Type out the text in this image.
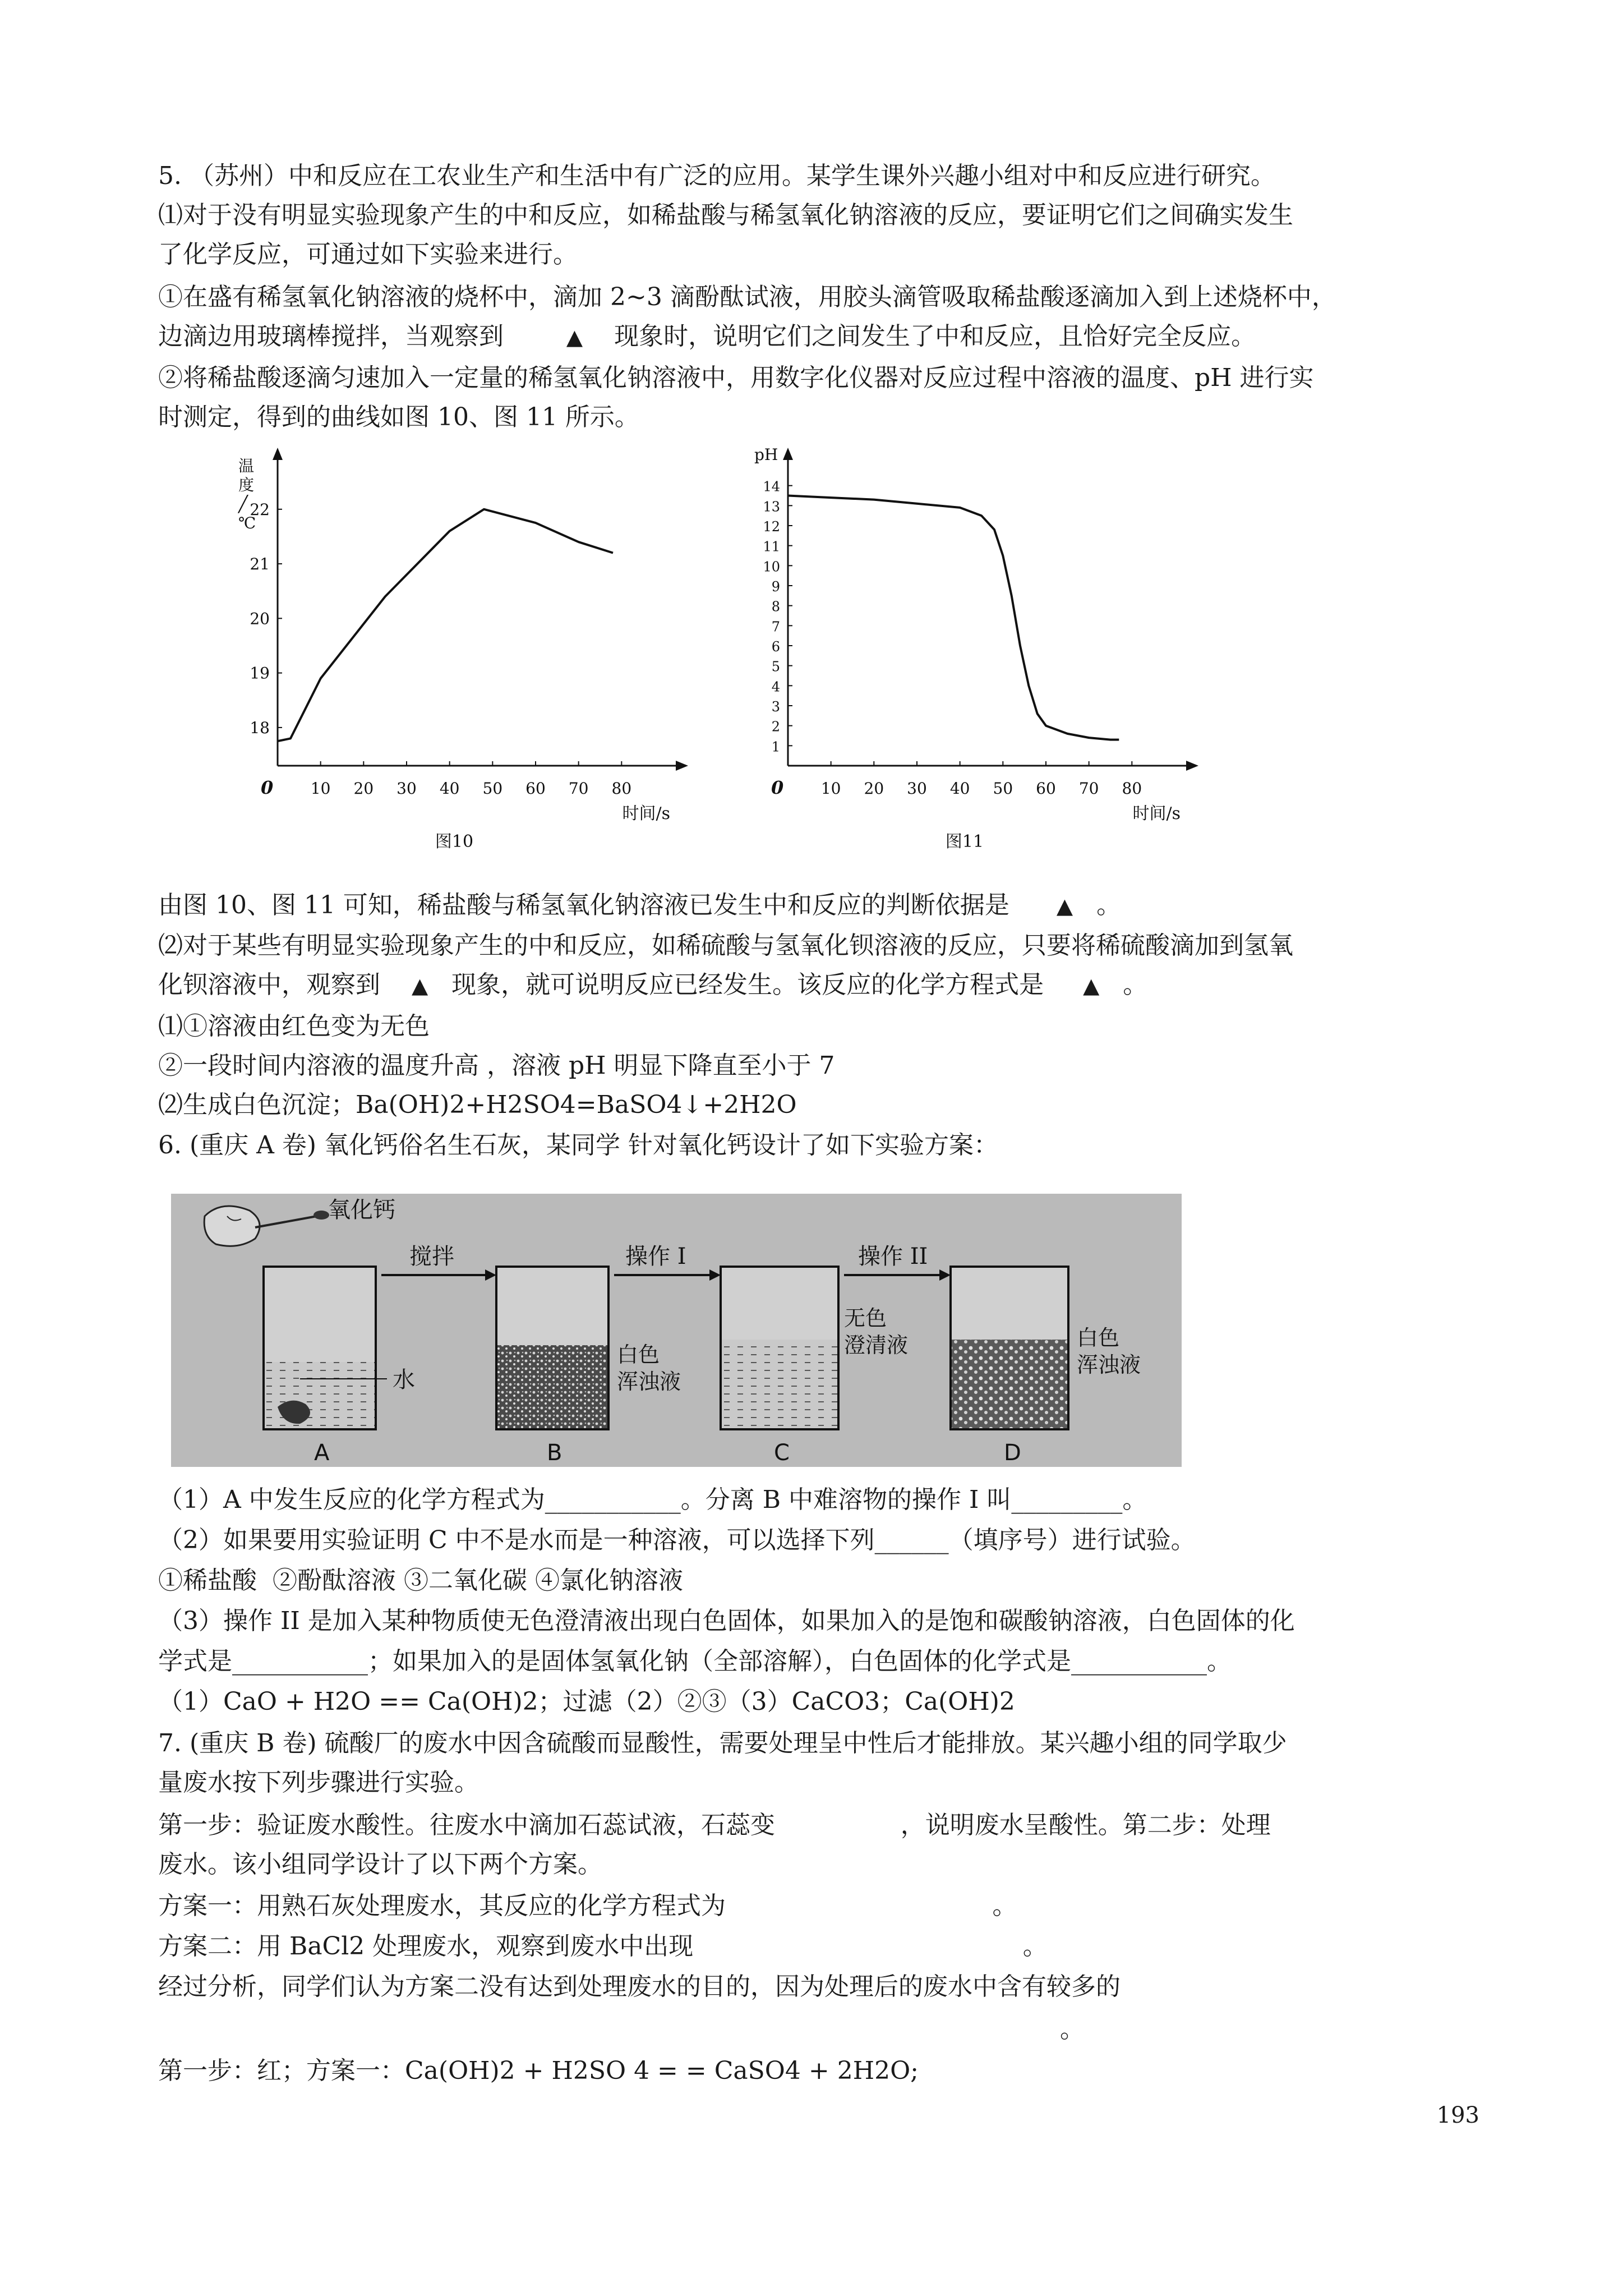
5. （苏州）中和反应在工农业生产和生活中有广泛的应用。某学生课外兴趣小组对中和反应进行研究。
⑴对于没有明显实验现象产生的中和反应，如稀盐酸与稀氢氧化钠溶液的反应，要证明它们之间确实发生
了化学反应，可通过如下实验来进行。
①在盛有稀氢氧化钠溶液的烧杯中，滴加 2~3 滴酚酞试液，用胶头滴管吸取稀盐酸逐滴加入到上述烧杯中，
边滴边用玻璃棒搅拌，当观察到	▲ 现象时，说明它们之间发生了中和反应，且恰好完全反应。
②将稀盐酸逐滴匀速加入一定量的稀氢氧化钠溶液中，用数字化仪器对反应过程中溶液的温度、pH 进行实
时测定，得到的曲线如图 10、图 11 所示。
10 20 30 40 50 60 70 80
18
19
20
21
22
0
时间/s
温度╱ ℃
图10
10 20 30 40 50 60 70 80
1
2
3
4
5
6
7
8
9
10
11
12
13
14
0
时间/s
pH
图11
由图 10、图 11 可知，稀盐酸与稀氢氧化钠溶液已发生中和反应的判断依据是 ▲ 。
⑵对于某些有明显实验现象产生的中和反应，如稀硫酸与氢氧化钡溶液的反应，只要将稀硫酸滴加到氢氧
化钡溶液中，观察到 ▲ 现象，就可说明反应已经发生。该反应的化学方程式是 ▲ 。
⑴①溶液由红色变为无色
②一段时间内溶液的温度升高 ，溶液 pH 明显下降直至小于 7
⑵生成白色沉淀；Ba(OH)2+H2SO4=BaSO4↓+2H2O
6. (重庆 A 卷) 氧化钙俗名生石灰，某同学 针对氧化钙设计了如下实验方案：
氧化钙
水
A
搅拌
B
白色浑浊液
操作 I
C
无色澄清液
操作 II
D
白色浑浊液
（1）A 中发生反应的化学方程式为___________。分离 B 中难溶物的操作 I 叫_________。
（2）如果要用实验证明 C 中不是水而是一种溶液，可以选择下列______（填序号）进行试验。
①稀盐酸  ②酚酞溶液 ③二氧化碳 ④氯化钠溶液
（3）操作 II 是加入某种物质使无色澄清液出现白色固体，如果加入的是饱和碳酸钠溶液，白色固体的化
学式是___________；如果加入的是固体氢氧化钠（全部溶解），白色固体的化学式是___________。
（1）CaO + H2O == Ca(OH)2；过滤（2）②③（3）CaCO3；Ca(OH)2
7. (重庆 B 卷) 硫酸厂的废水中因含硫酸而显酸性，需要处理呈中性后才能排放。某兴趣小组的同学取少
量废水按下列步骤进行实验。
第一步：验证废水酸性。往废水中滴加石蕊试液，石蕊变	，说明废水呈酸性。第二步：处理
废水。该小组同学设计了以下两个方案。
方案一：用熟石灰处理废水，其反应的化学方程式为	。
方案二：用 BaCl2 处理废水，观察到废水中出现	。
经过分析，同学们认为方案二没有达到处理废水的目的，因为处理后的废水中含有较多的
。
第一步：红；方案一：Ca(OH)2 + H2SO 4 = = CaSO4 + 2H2O;
193
